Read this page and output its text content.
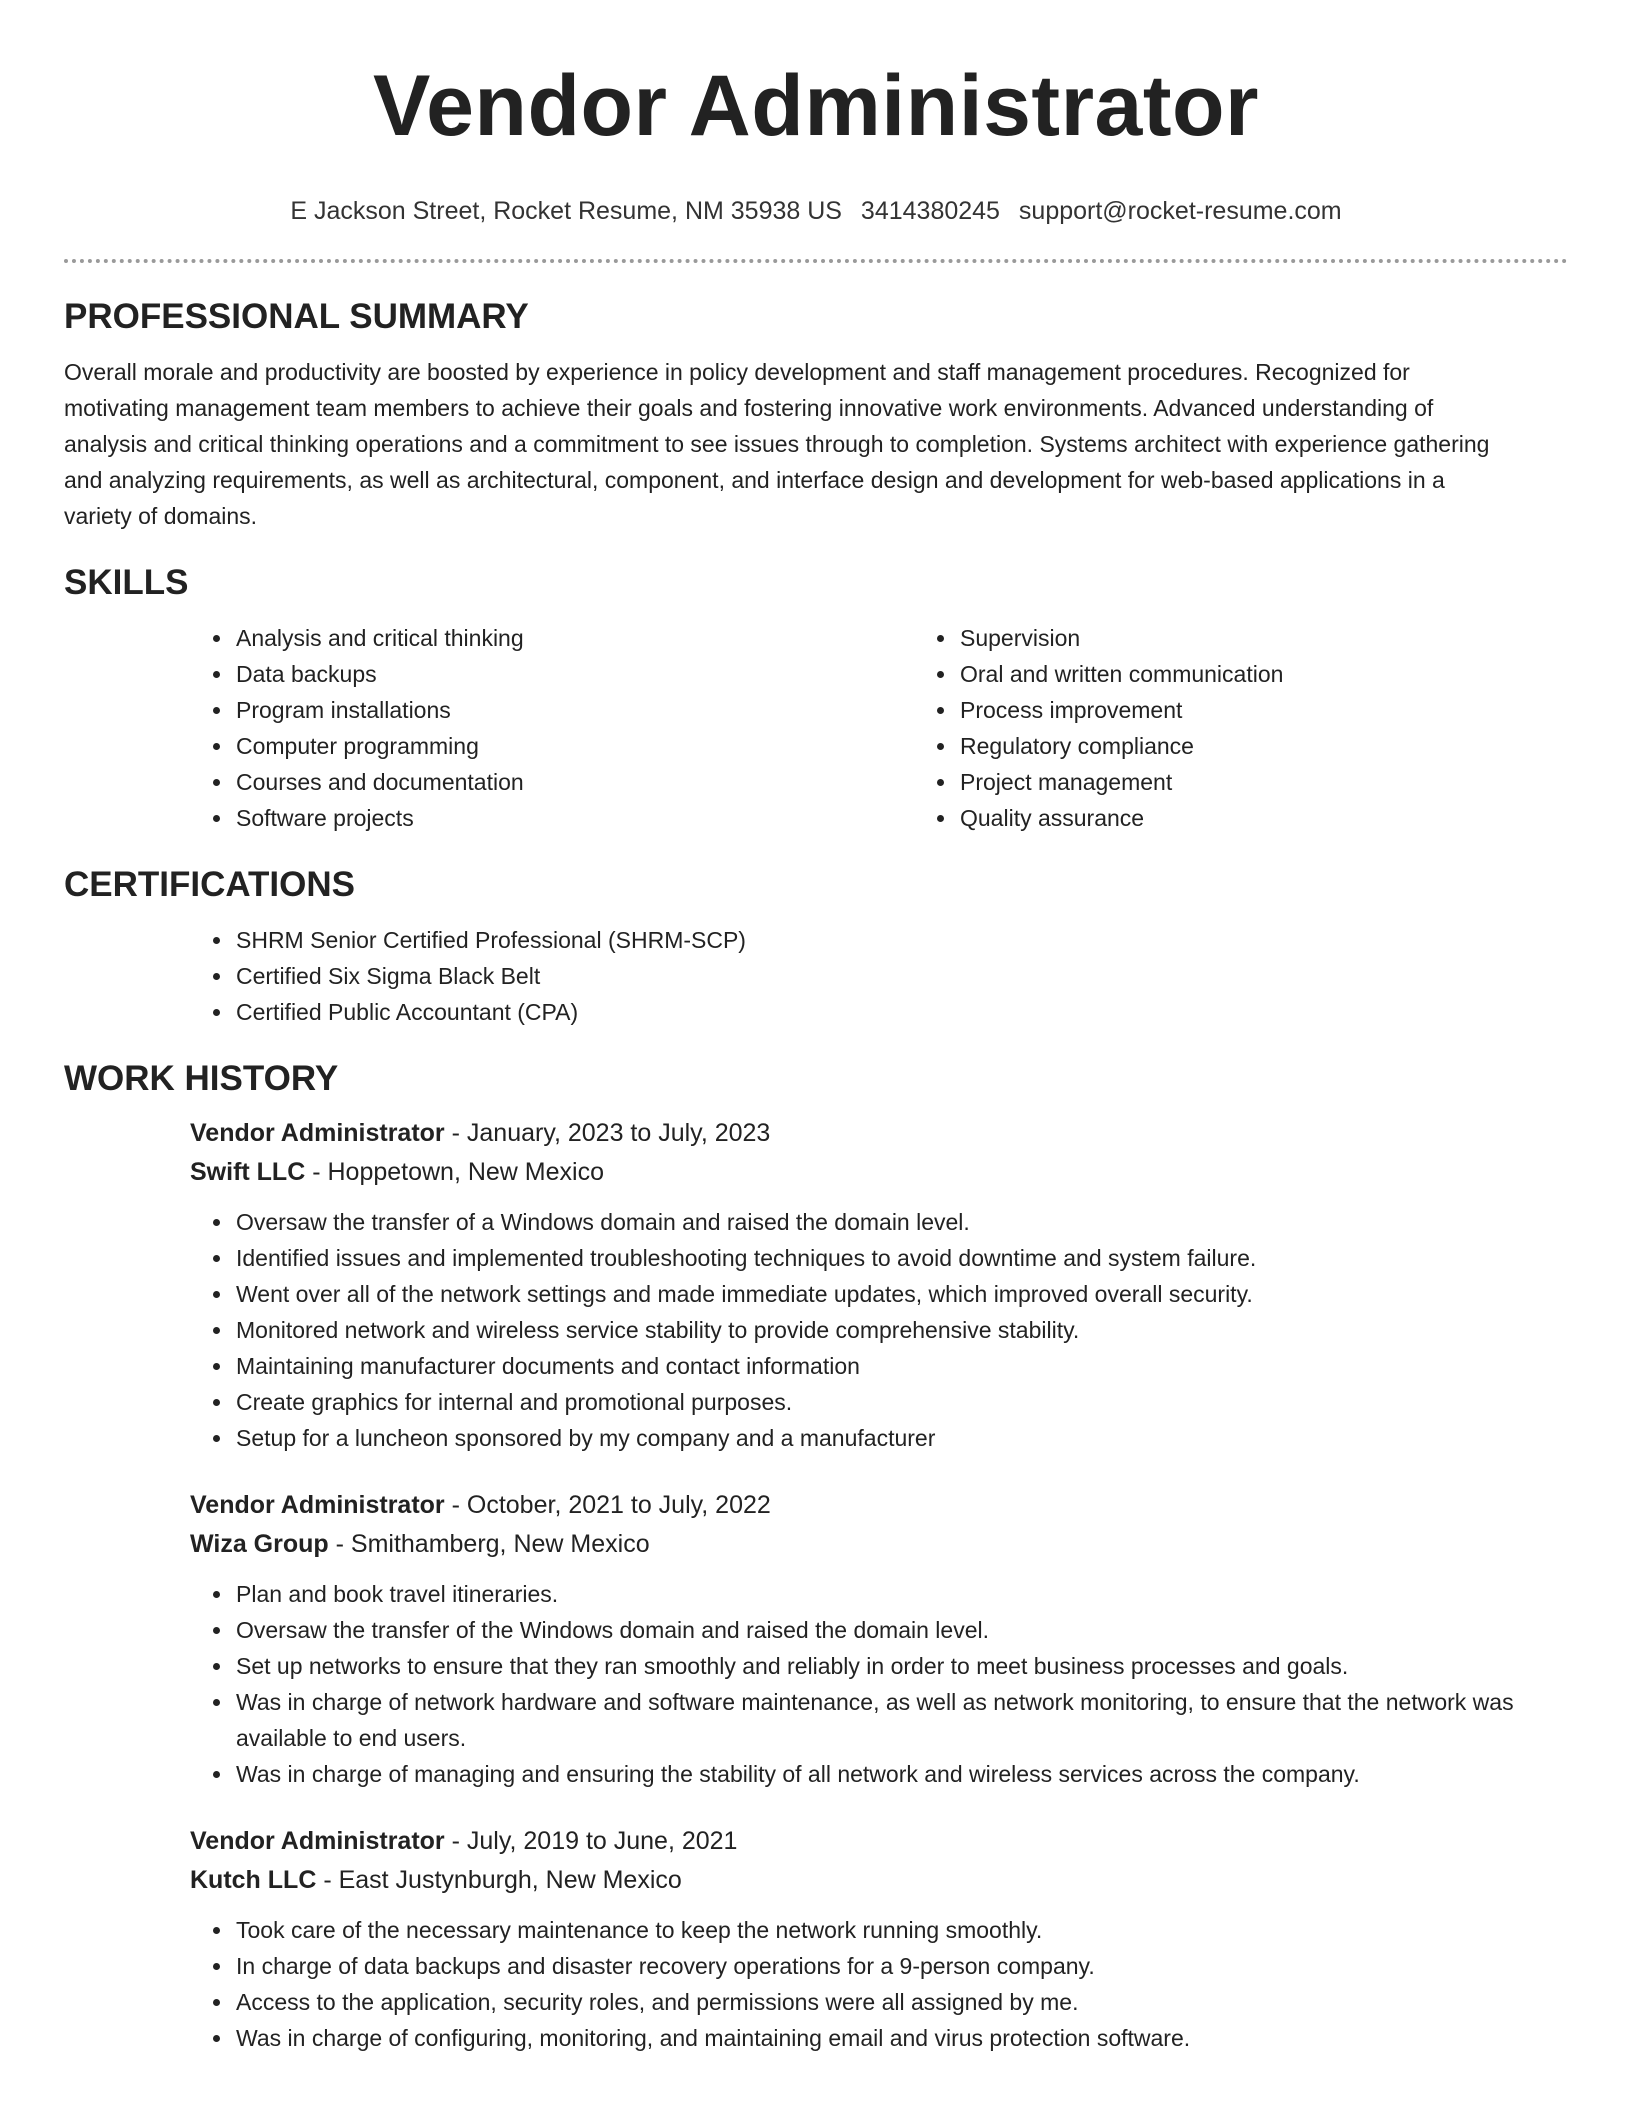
Vendor Administrator
E Jackson Street, Rocket Resume, NM 35938 US 3414380245 support@rocket-resume.com
PROFESSIONAL SUMMARY

Overall morale and productivity are boosted by experience in policy development and staff management procedures. Recognized for motivating management team members to achieve their goals and fostering innovative work environments. Advanced understanding of analysis and critical thinking operations and a commitment to see issues through to completion. Systems architect with experience gathering and analyzing requirements, as well as architectural, component, and interface design and development for web-based applications in a variety of domains.

SKILLS
• Analysis and critical thinking
• Data backups
• Program installations
• Computer programming
• Courses and documentation
• Software projects
• Supervision
• Oral and written communication
• Process improvement
• Regulatory compliance
• Project management
• Quality assurance
CERTIFICATIONS
• SHRM Senior Certified Professional (SHRM-SCP)
• Certified Six Sigma Black Belt
• Certified Public Accountant (CPA)
WORK HISTORY
Vendor Administrator - January, 2023 to July, 2023
Swift LLC - Hoppetown, New Mexico
• Oversaw the transfer of a Windows domain and raised the domain level.
• Identified issues and implemented troubleshooting techniques to avoid downtime and system failure.
• Went over all of the network settings and made immediate updates, which improved overall security.
• Monitored network and wireless service stability to provide comprehensive stability.
• Maintaining manufacturer documents and contact information
• Create graphics for internal and promotional purposes.
• Setup for a luncheon sponsored by my company and a manufacturer
Vendor Administrator - October, 2021 to July, 2022
Wiza Group - Smithamberg, New Mexico
• Plan and book travel itineraries.
• Oversaw the transfer of the Windows domain and raised the domain level.
• Set up networks to ensure that they ran smoothly and reliably in order to meet business processes and goals.
• Was in charge of network hardware and software maintenance, as well as network monitoring, to ensure that the network was available to end users.
• Was in charge of managing and ensuring the stability of all network and wireless services across the company.
Vendor Administrator - July, 2019 to June, 2021
Kutch LLC - East Justynburgh, New Mexico
• Took care of the necessary maintenance to keep the network running smoothly.
• In charge of data backups and disaster recovery operations for a 9-person company.
• Access to the application, security roles, and permissions were all assigned by me.
• Was in charge of configuring, monitoring, and maintaining email and virus protection software.
